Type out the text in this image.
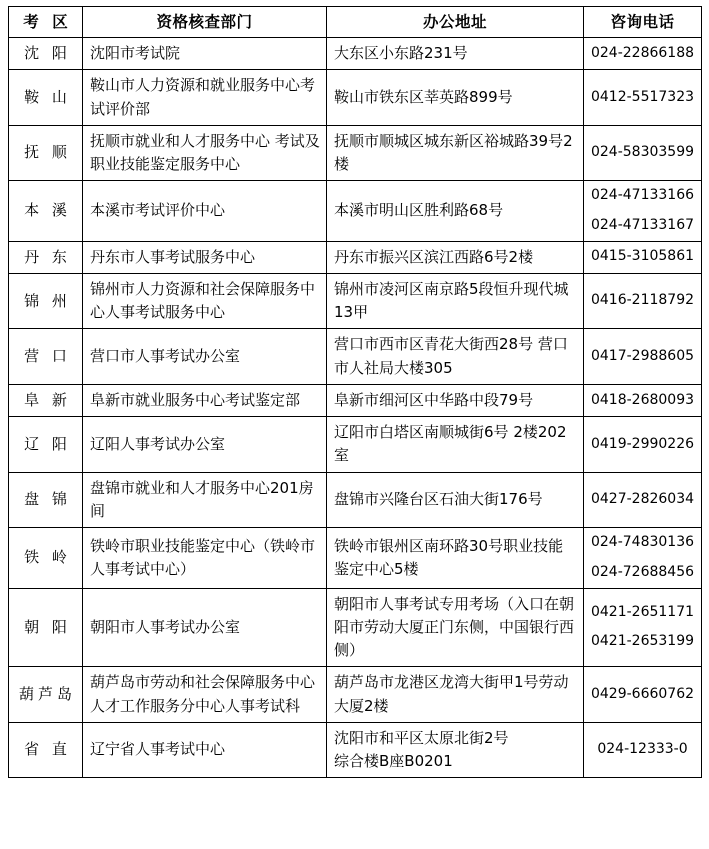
考 区	资格核查部门	办公地址	咨询电话
沈 阳	沈阳市考试院	大东区小东路231号	024-22866188

鞍 山	鞍山市人力资源和就业服务中心考试评价部	鞍山市铁东区莘英路899号	0412-5517323

抚 顺	抚顺市就业和人才服务中心 考试及职业技能鉴定服务中心	抚顺市顺城区城东新区裕城路39号2楼	024-58303599

本 溪	本溪市考试评价中心	本溪市明山区胜利路68号	024-47133166
024-47133167

丹 东	丹东市人事考试服务中心	丹东市振兴区滨江西路6号2楼	0415-3105861

锦 州	锦州市人力资源和社会保障服务中心人事考试服务中心	锦州市凌河区南京路5段恒升现代城13甲	0416-2118792

营 口	营口市人事考试办公室	营口市西市区青花大街西28号 营口市人社局大楼305	0417-2988605

阜 新	阜新市就业服务中心考试鉴定部	阜新市细河区中华路中段79号	0418-2680093

辽 阳	辽阳人事考试办公室	辽阳市白塔区南顺城街6号 2楼202室	0419-2990226

盘 锦	盘锦市就业和人才服务中心201房间	盘锦市兴隆台区石油大街176号	0427-2826034

铁 岭	铁岭市职业技能鉴定中心（铁岭市人事考试中心）	铁岭市银州区南环路30号职业技能鉴定中心5楼	024-74830136
024-72688456

朝 阳	朝阳市人事考试办公室	朝阳市人事考试专用考场（入口在朝阳市劳动大厦正门东侧，中国银行西侧）	0421-2651171
0421-2653199

葫芦岛	葫芦岛市劳动和社会保障服务中心人才工作服务分中心人事考试科	葫芦岛市龙港区龙湾大街甲1号劳动大厦2楼	0429-6660762

省 直	辽宁省人事考试中心	沈阳市和平区太原北街2号
综合楼B座B0201	024-12333-0
